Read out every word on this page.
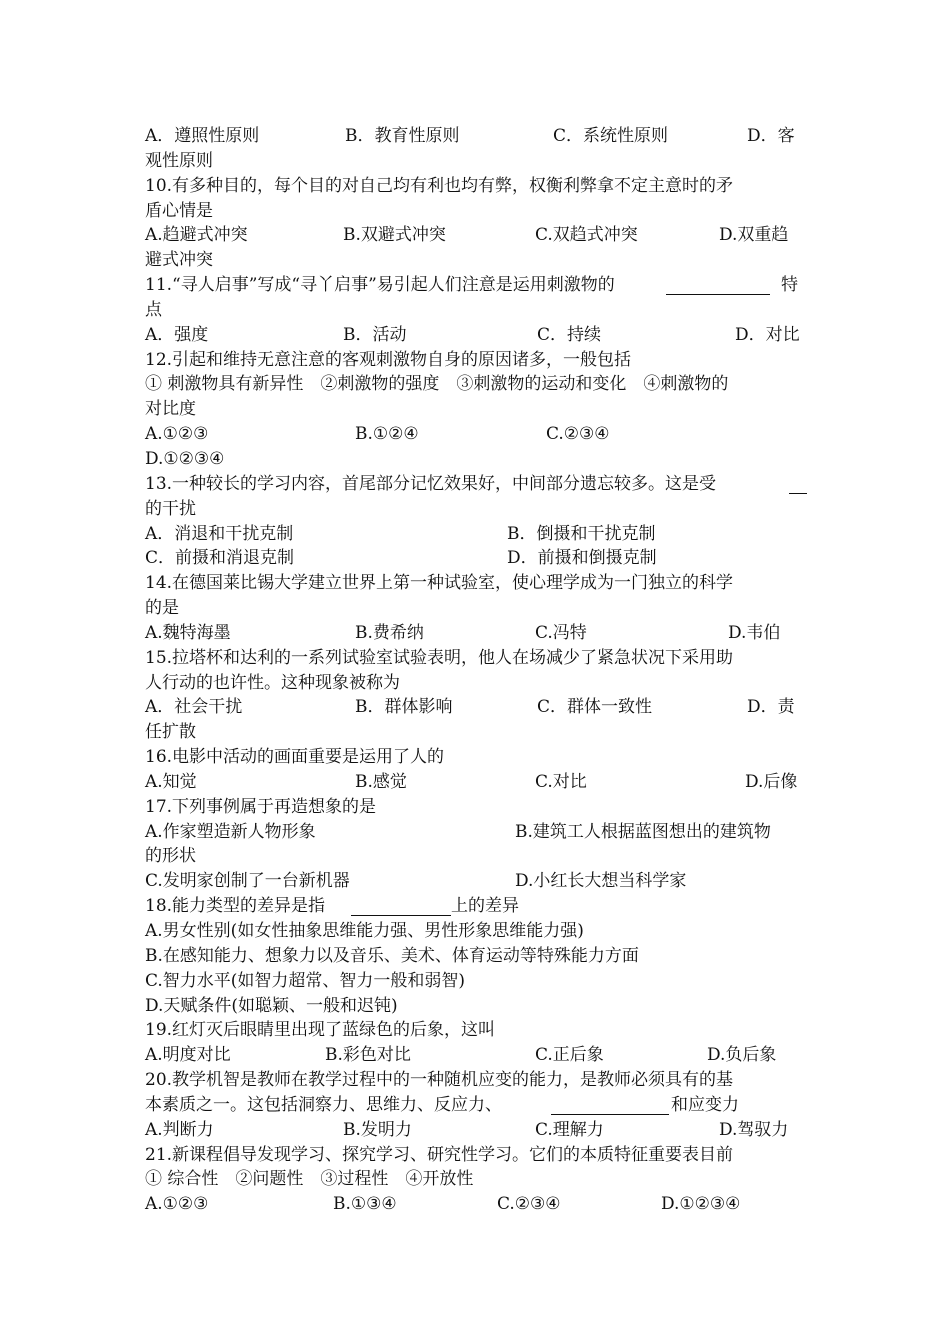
A．遵照性原则	B．教育性原则	C．系统性原则	D．客
观性原则
10.有多种目的，每个目的对自己均有利也均有弊，权衡利弊拿不定主意时的矛
盾心情是
A.趋避式冲突	B.双避式冲突	C.双趋式冲突	D.双重趋
避式冲突
11.“寻人启事”写成“寻丫启事”易引起人们注意是运用刺激物的	特
点
A．强度	B．活动	C．持续	D．对比
12.引起和维持无意注意的客观刺激物自身的原因诸多，一般包括
① 刺激物具有新异性　②刺激物的强度　③刺激物的运动和变化　④刺激物的
对比度
A.①②③	B.①②④	C.②③④
D.①②③④
13.一种较长的学习内容，首尾部分记忆效果好，中间部分遗忘较多。这是受
的干扰
A．消退和干扰克制	B．倒摄和干扰克制
C．前摄和消退克制	D．前摄和倒摄克制
14.在德国莱比锡大学建立世界上第一种试验室，使心理学成为一门独立的科学
的是
A.魏特海墨	B.费希纳	C.冯特	D.韦伯
15.拉塔杯和达利的一系列试验室试验表明，他人在场减少了紧急状况下采用助
人行动的也许性。这种现象被称为
A．社会干扰	B．群体影响	C．群体一致性	D．责
任扩散
16.电影中活动的画面重要是运用了人的
A.知觉	B.感觉	C.对比	D.后像
17.下列事例属于再造想象的是
A.作家塑造新人物形象	B.建筑工人根据蓝图想出的建筑物
的形状
C.发明家创制了一台新机器	D.小红长大想当科学家
18.能力类型的差异是指	上的差异
A.男女性别(如女性抽象思维能力强、男性形象思维能力强)
B.在感知能力、想象力以及音乐、美术、体育运动等特殊能力方面
C.智力水平(如智力超常、智力一般和弱智)
D.天赋条件(如聪颖、一般和迟钝)
19.红灯灭后眼睛里出现了蓝绿色的后象，这叫
A.明度对比	B.彩色对比	C.正后象	D.负后象
20.教学机智是教师在教学过程中的一种随机应变的能力，是教师必须具有的基
本素质之一。这包括洞察力、思维力、反应力、	和应变力
A.判断力	B.发明力	C.理解力	D.驾驭力
21.新课程倡导发现学习、探究学习、研究性学习。它们的本质特征重要表目前
① 综合性　②问题性　③过程性　④开放性
A.①②③	B.①③④	C.②③④	D.①②③④
